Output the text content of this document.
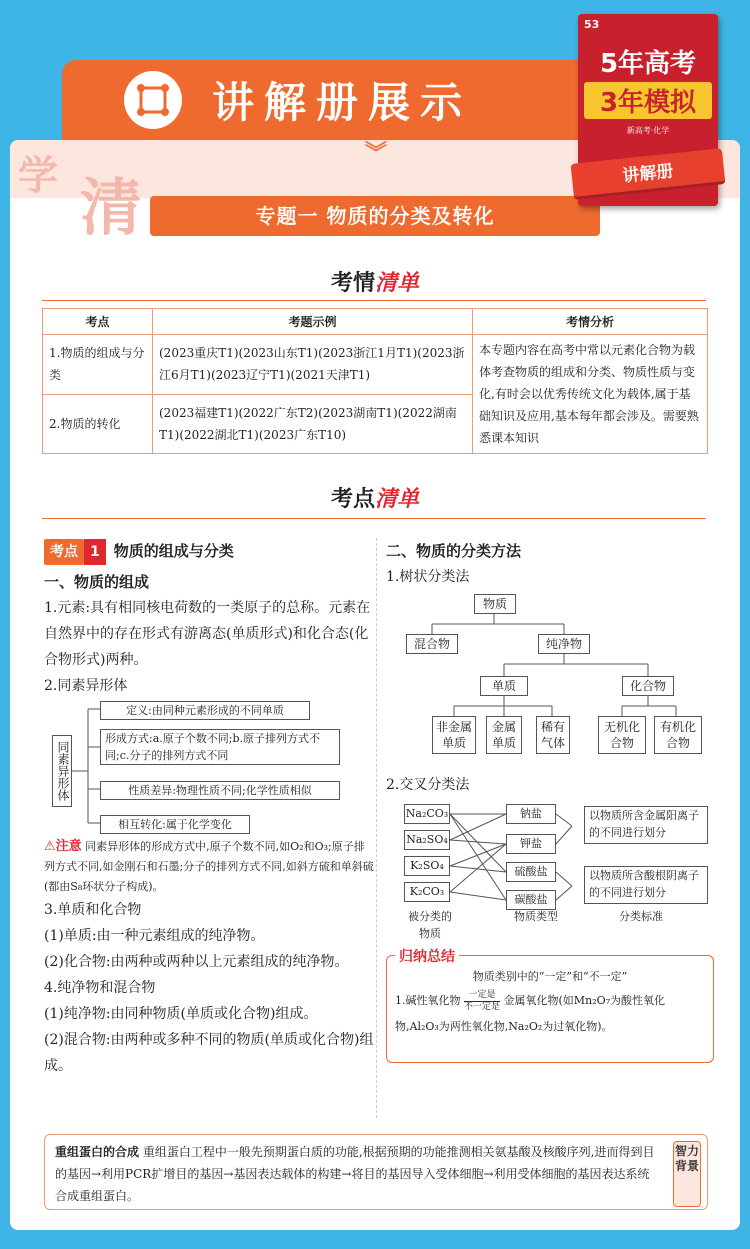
讲解册展示
︾
学 清	专题一 物质的分类及转化
考情清单
考点	考题示例	考情分析
1.物质的组成与分类	(2023重庆T1)(2023山东T1)(2023浙江1月T1)(2023浙江6月T1)(2023辽宁T1)(2021天津T1)	本专题内容在高考中常以元素化合物为载体考查物质的组成和分类、物质性质与变化,有时会以优秀传统文化为载体,属于基础知识及应用,基本每年都会涉及。需要熟悉课本知识
2.物质的转化	(2023福建T1)(2022广东T2)(2023湖南T1)(2022湖南T1)(2022湖北T1)(2023广东T10)	
考点清单
考点 1 物质的组成与分类
一、物质的组成
1.元素:具有相同核电荷数的一类原子的总称。元素在自然界中的存在形式有游离态(单质形式)和化合态(化合物形式)两种。
2.同素异形体
同素异形体
定义:由同种元素形成的不同单质
形成方式:a.原子个数不同;b.原子排列方式不同;c.分子的排列方式不同
性质差异:物理性质不同;化学性质相似
相互转化:属于化学变化
⚠注意 同素异形体的形成方式中,原子个数不同,如O₂和O₃;原子排列方式不同,如金刚石和石墨;分子的排列方式不同,如斜方硫和单斜硫(都由S₈环状分子构成)。
3.单质和化合物
(1)单质:由一种元素组成的纯净物。
(2)化合物:由两种或两种以上元素组成的纯净物。
4.纯净物和混合物
(1)纯净物:由同种物质(单质或化合物)组成。
(2)混合物:由两种或多种不同的物质(单质或化合物)组成。
二、物质的分类方法
1.树状分类法
物质
混合物	纯净物
单质	化合物
非金属单质
金属单质
稀有气体
无机化合物
有机化合物
2.交叉分类法
Na₂CO₃
Na₂SO₄
K₂SO₄
K₂CO₃
钠盐
钾盐
硫酸盐
碳酸盐
以物质所含金属阳离子的不同进行划分
以物质所含酸根阴离子的不同进行划分
被分类的物质
物质类型	分类标准
归纳总结
物质类别中的“一定”和“不一定”
1.碱性氧化物 一定是
不一定是 金属氧化物(如Mn₂O₇为酸性氧化物,Al₂O₃为两性氧化物,Na₂O₂为过氧化物)。
重组蛋白的合成 重组蛋白工程中一般先预期蛋白质的功能,根据预期的功能推测相关氨基酸及核酸序列,进而得到目的基因→利用PCR扩增目的基因→基因表达载体的构建→将目的基因导入受体细胞→利用受体细胞的基因表达系统合成重组蛋白。
智力背景
53
5年高考
3年模拟
新高考·化学
讲解册
